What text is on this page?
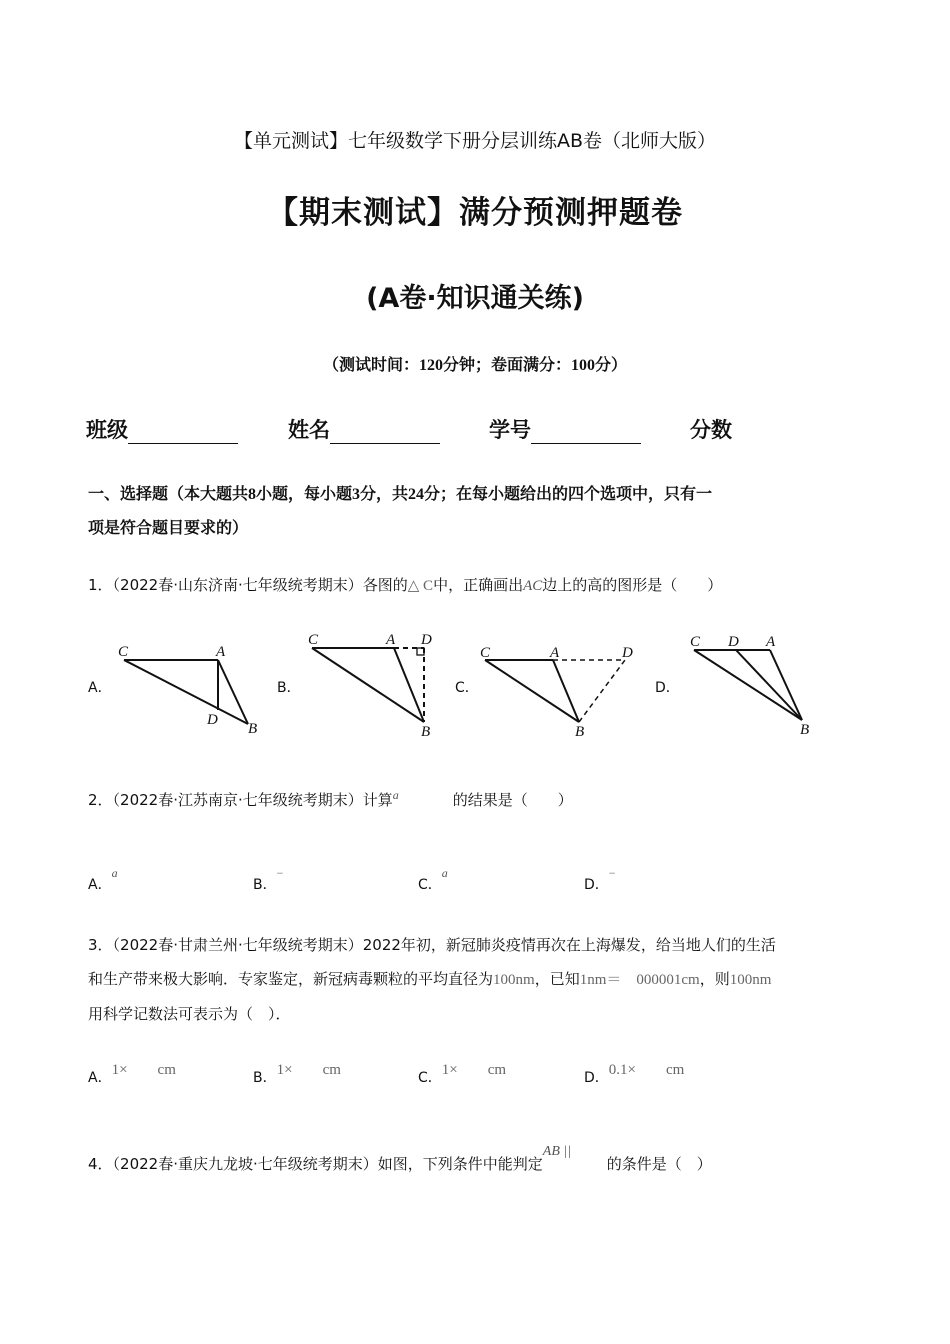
【单元测试】七年级数学下册分层训练AB卷（北师大版）
【期末测试】满分预测押题卷
(A卷·知识通关练)
（测试时间：120分钟；卷面满分：100分）
班级	姓名	学号	分数
一、选择题（本大题共8小题，每小题3分，共24分；在每小题给出的四个选项中，只有一
项是符合题目要求的）
1．（2022春·山东济南·七年级统考期末）各图的△ C中，正确画出AC边上的高的图形是（　　）
A．	B．	C．	D．
C	A
D
B
C	A D
B
C	A	D
B
C D A
B
2．（2022春·江苏南京·七年级统考期末）计算a ⃞	的结果是（　　）
A．a
B．−
C．a
D．−
3．（2022春·甘肃兰州·七年级统考期末）2022年初，新冠肺炎疫情再次在上海爆发，给当地人们的生活
和生产带来极大影响．专家鉴定，新冠病毒颗粒的平均直径为100nm，已知1nm＝　000001cm，则100nm
用科学记数法可表示为（　）．
A．1×　　cm	B．1×　　cm	C．1×　　cm	D．0.1×　　cm
4．（2022春·重庆九龙坡·七年级统考期末）如图，下列条件中能判定AB ||的条件是（　）
